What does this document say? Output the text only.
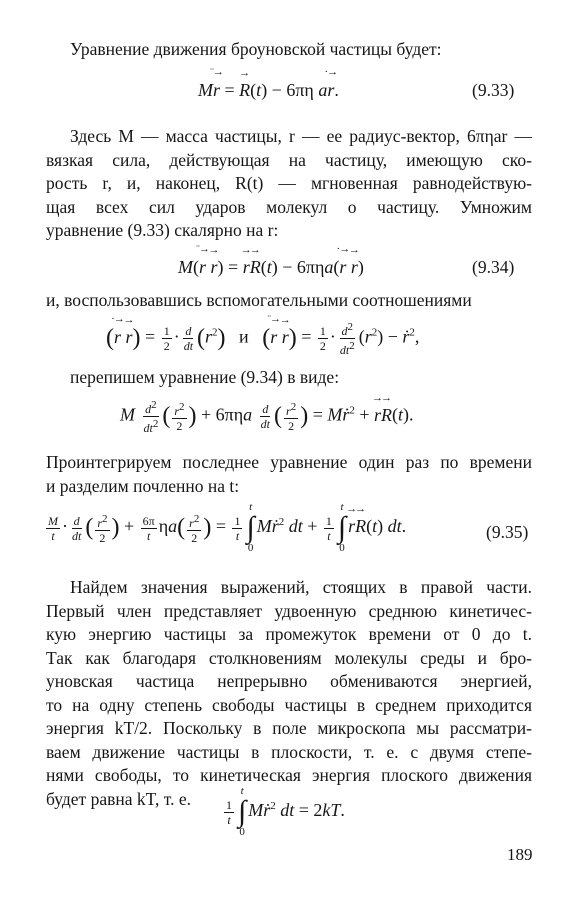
Уравнение движения броуновской частицы будет:
M¨→ r = → R(t) − 6πη a·→ r.	(9.33)
Здесь M — масса частицы, r — ее радиус-вектор, 6πηar —
вязкая сила, действующая на частицу, имеющую ско-
рость r, и, наконец, R(t) — мгновенная равнодействую-
щая всех сил ударов молекул о частицу. Умножим
уравнение (9.33) скалярно на r:
M(¨→ r → r) = → r→ R(t) − 6πηa(·→ r → r)	(9.34)
и, воспользовавшись вспомогательными соотношениями
(·→ $r \to r) = \frac{1}{2} \cdot \frac{d}{dt} (r^2)$   и   (¨→ $r \to r) = \frac{1}{2} \cdot \frac{d^2}{dt^2} (r^2)$ − ṙ$^2$,
перепишем уравнение (9.34) в виде:
M $\frac{d^2}{dt^2}$ ( $\frac{r^2}{2}$ ) + $6\pi\eta a \frac{d}{dt}$ ( $\frac{r^2}{2}$ ) = Mṙ$^2$ + → r→ R(t).
Проинтегрируем последнее уравнение один раз по времени
и разделим почленно на t:
$\frac{M}{t} \cdot \frac{d}{dt}$ ( $\frac{r^2}{2}$ ) + $\frac{6\pi}{t} \eta a( \frac{r^2}{2}$ ) = $\frac{1}{t}$
t
∫
0
Mṙ$^2$ dt + $\frac{1}{t}$
t
∫
0
→ r→ R(t) dt.	(9.35)
Найдем значения выражений, стоящих в правой части.
Первый член представляет удвоенную среднюю кинетичес-
кую энергию частицы за промежуток времени от 0 до t.
Так как благодаря столкновениям молекулы среды и бро-
уновская частица непрерывно обмениваются энергией,
то на одну степень свободы частицы в среднем приходится
энергия kT/2. Поскольку в поле микроскопа мы рассматри-
ваем движение частицы в плоскости, т. е. с двумя степе-
нями свободы, то кинетическая энергия плоского движения
будет равна kT, т. е.	$\frac{1}{t}$
t
∫
0
Mṙ$^2$ dt = 2kT.
189
